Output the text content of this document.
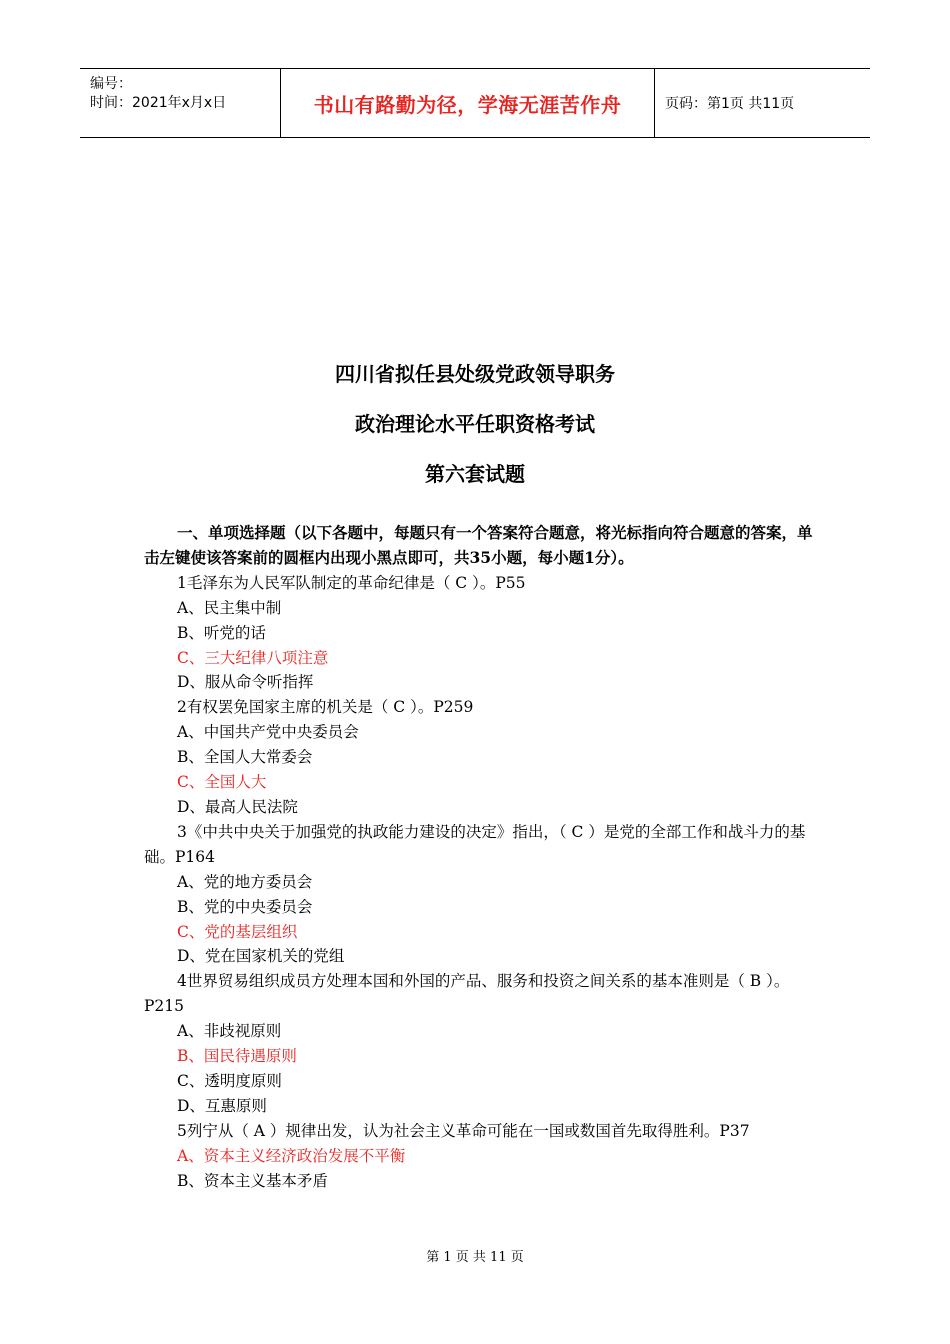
编号：
时间：2021年x月x日	书山有路勤为径，学海无涯苦作舟	页码：第1页 共11页
四川省拟任县处级党政领导职务
政治理论水平任职资格考试
第六套试题

一、单项选择题（以下各题中，每题只有一个答案符合题意，将光标指向符合题意的答案，单击左键使该答案前的圆框内出现小黑点即可，共35小题，每小题1分）。

1毛泽东为人民军队制定的革命纪律是（ C ）。P55

A、民主集中制

B、听党的话

C、三大纪律八项注意

D、服从命令听指挥

2有权罢免国家主席的机关是（ C ）。P259

A、中国共产党中央委员会

B、全国人大常委会

C、全国人大

D、最高人民法院

3《中共中央关于加强党的执政能力建设的决定》指出，（ C ）是党的全部工作和战斗力的基础。P164

A、党的地方委员会

B、党的中央委员会

C、党的基层组织

D、党在国家机关的党组

4世界贸易组织成员方处理本国和外国的产品、服务和投资之间关系的基本准则是（ B ）。P215

A、非歧视原则

B、国民待遇原则

C、透明度原则

D、互惠原则

5列宁从（ A ）规律出发，认为社会主义革命可能在一国或数国首先取得胜利。P37

A、资本主义经济政治发展不平衡

B、资本主义基本矛盾

第 1 页 共 11 页
